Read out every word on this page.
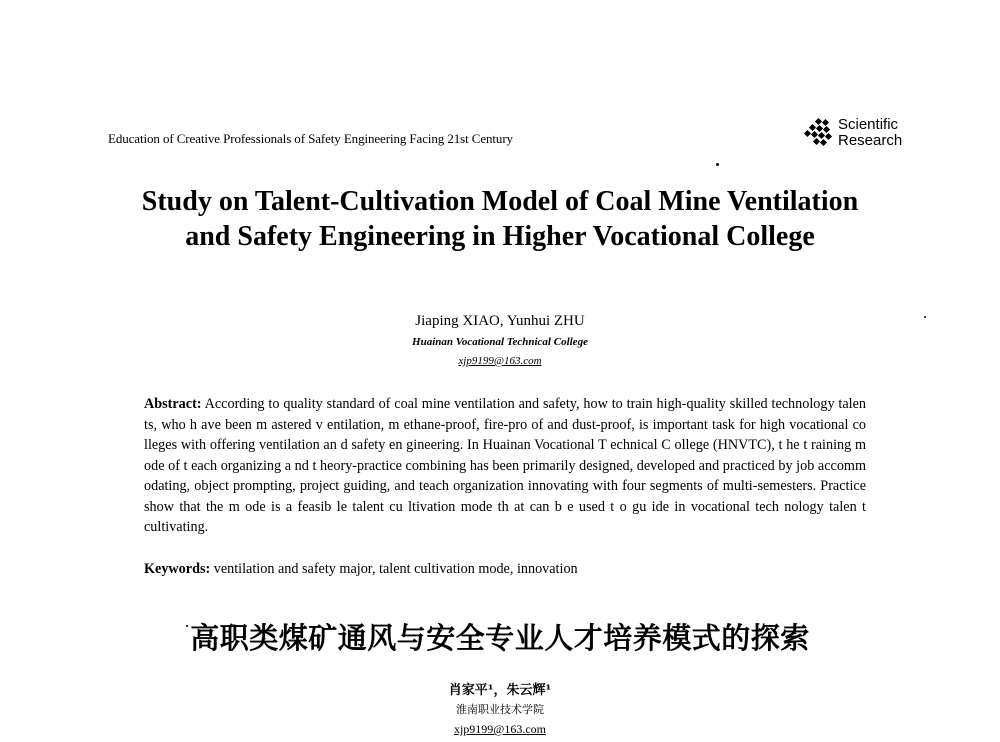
Education of Creative Professionals of Safety Engineering Facing 21st Century
Scientific
Research
Study on Talent-Cultivation Model of Coal Mine Ventilation and Safety Engineering in Higher Vocational College
Jiaping XIAO, Yunhui ZHU
Huainan Vocational Technical College
xjp9199@163.com
Abstract: According to quality standard of coal mine ventilation and safety, how to train high-quality skilled technology talen ts, who h ave been m astered v entilation, m ethane-proof, fire-pro of and dust-proof, is important task for high vocational co lleges with offering ventilation an d safety en gineering. In Huainan Vocational T echnical C ollege (HNVTC), t he t raining m ode of t each organizing a nd t heory-practice combining has been primarily designed, developed and practiced by job accomm odating, object prompting, project guiding, and teach organization innovating with four segments of multi-semesters. Practice show that the m ode is a feasib le talent cu ltivation mode th at can b e used t o gu ide in vocational tech nology talen t cultivating.
Keywords: ventilation and safety major, talent cultivation mode, innovation
高职类煤矿通风与安全专业人才培养模式的探索
肖家平¹，朱云辉¹
淮南职业技术学院
xjp9199@163.com
